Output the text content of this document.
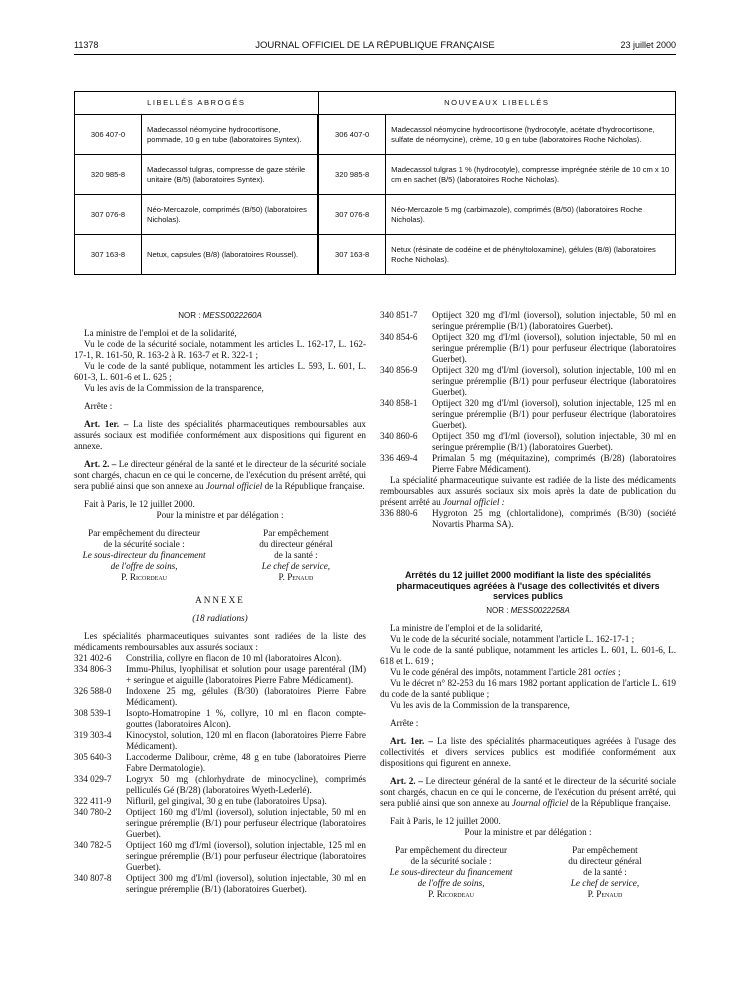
11378	JOURNAL OFFICIEL DE LA RÉPUBLIQUE FRANÇAISE	23 juillet 2000
LIBELLÉS ABROGÉS		NOUVEAUX LIBELLÉS	
306 407-0	Madecassol néomycine hydrocortisone, pommade, 10 g en tube (laboratoires Syntex).	306 407-0	Madecassol néomycine hydrocortisone (hydrocotyle, acétate d'hydrocortisone, sulfate de néomycine), crème, 10 g en tube (laboratoires Roche Nicholas).
320 985-8	Madecassol tulgras, compresse de gaze stérile unitaire (B/5) (laboratoires Syntex).	320 985-8	Madecassol tulgras 1 % (hydrocotyle), compresse imprégnée stérile de 10 cm x 10 cm en sachet (B/5) (laboratoires Roche Nicholas).
307 076-8	Néo-Mercazole, comprimés (B/50) (laboratoires Nicholas).	307 076-8	Néo-Mercazole 5 mg (carbimazole), comprimés (B/50) (laboratoires Roche Nicholas).
307 163-8	Netux, capsules (B/8) (laboratoires Roussel).	307 163-8	Netux (résinate de codéine et de phényltoloxamine), gélules (B/8) (laboratoires Roche Nicholas).

NOR : MESS0022260A

La ministre de l'emploi et de la solidarité,

Vu le code de la sécurité sociale, notamment les articles L. 162-17, L. 162-17-1, R. 161-50, R. 163-2 à R. 163-7 et R. 322-1 ;

Vu le code de la santé publique, notamment les articles L. 593, L. 601, L. 601-3, L. 601-6 et L. 625 ;

Vu les avis de la Commission de la transparence,

Arrête :

Art. 1er. – La liste des spécialités pharmaceutiques remboursables aux assurés sociaux est modifiée conformément aux dispositions qui figurent en annexe.

Art. 2. – Le directeur général de la santé et le directeur de la sécurité sociale sont chargés, chacun en ce qui le concerne, de l'exécution du présent arrêté, qui sera publié ainsi que son annexe au Journal officiel de la République française.

Fait à Paris, le 12 juillet 2000.

Pour la ministre et par délégation :

Par empêchement du directeur

de la sécurité sociale :

Le sous-directeur du financement

de l'offre de soins,

P. Ricordeau

Par empêchement

du directeur général

de la santé :

Le chef de service,

P. Penaud

ANNEXE

(18 radiations)

Les spécialités pharmaceutiques suivantes sont radiées de la liste des médicaments remboursables aux assurés sociaux :

321 402-6	Constrilia, collyre en flacon de 10 ml (laboratoires Alcon).
334 806-3	Immu-Philus, lyophilisat et solution pour usage parentéral (IM) + seringue et aiguille (laboratoires Pierre Fabre Médicament).
326 588-0	Indoxene 25 mg, gélules (B/30) (laboratoires Pierre Fabre Médicament).
308 539-1	Isopto-Homatropine 1 %, collyre, 10 ml en flacon compte-gouttes (laboratoires Alcon).
319 303-4	Kinocystol, solution, 120 ml en flacon (laboratoires Pierre Fabre Médicament).
305 640-3	Laccoderme Dalibour, crème, 48 g en tube (laboratoires Pierre Fabre Dermatologie).
334 029-7	Logryx 50 mg (chlorhydrate de minocycline), comprimés pelliculés Gé (B/28) (laboratoires Wyeth-Lederlé).
322 411-9	Nifluril, gel gingival, 30 g en tube (laboratoires Upsa).
340 780-2	Optiject 160 mg d'I/ml (ioversol), solution injectable, 50 ml en seringue préremplie (B/1) pour perfuseur électrique (laboratoires Guerbet).
340 782-5	Optiject 160 mg d'I/ml (ioversol), solution injectable, 125 ml en seringue préremplie (B/1) pour perfuseur électrique (laboratoires Guerbet).
340 807-8	Optiject 300 mg d'I/ml (ioversol), solution injectable, 30 ml en seringue préremplie (B/1) (laboratoires Guerbet).
340 851-7	Optiject 320 mg d'I/ml (ioversol), solution injectable, 50 ml en seringue préremplie (B/1) (laboratoires Guerbet).
340 854-6	Optiject 320 mg d'I/ml (ioversol), solution injectable, 50 ml en seringue préremplie (B/1) pour perfuseur électrique (laboratoires Guerbet).
340 856-9	Optiject 320 mg d'I/ml (ioversol), solution injectable, 100 ml en seringue préremplie (B/1) pour perfuseur électrique (laboratoires Guerbet).
340 858-1	Optiject 320 mg d'I/ml (ioversol), solution injectable, 125 ml en seringue préremplie (B/1) pour perfuseur électrique (laboratoires Guerbet).
340 860-6	Optiject 350 mg d'I/ml (ioversol), solution injectable, 30 ml en seringue préremplie (B/1) (laboratoires Guerbet).
336 469-4	Primalan 5 mg (méquitazine), comprimés (B/28) (laboratoires Pierre Fabre Médicament).

La spécialité pharmaceutique suivante est radiée de la liste des médicaments remboursables aux assurés sociaux six mois après la date de publication du présent arrêté au Journal officiel :

336 880-6	Hygroton 25 mg (chlortalidone), comprimés (B/30) (société Novartis Pharma SA).

Arrêtés du 12 juillet 2000 modifiant la liste des spécialités pharmaceutiques agréées à l'usage des collectivités et divers services publics

NOR : MESS0022258A

La ministre de l'emploi et de la solidarité,

Vu le code de la sécurité sociale, notamment l'article L. 162-17-1 ;

Vu le code de la santé publique, notamment les articles L. 601, L. 601-6, L. 618 et L. 619 ;

Vu le code général des impôts, notamment l'article 281 octies ;

Vu le décret n° 82-253 du 16 mars 1982 portant application de l'article L. 619 du code de la santé publique ;

Vu les avis de la Commission de la transparence,

Arrête :

Art. 1er. – La liste des spécialités pharmaceutiques agréées à l'usage des collectivités et divers services publics est modifiée conformément aux dispositions qui figurent en annexe.

Art. 2. – Le directeur général de la santé et le directeur de la sécurité sociale sont chargés, chacun en ce qui le concerne, de l'exécution du présent arrêté, qui sera publié ainsi que son annexe au Journal officiel de la République française.

Fait à Paris, le 12 juillet 2000.

Pour la ministre et par délégation :

Par empêchement du directeur

de la sécurité sociale :

Le sous-directeur du financement

de l'offre de soins,

P. Ricordeau

Par empêchement

du directeur général

de la santé :

Le chef de service,

P. Penaud
